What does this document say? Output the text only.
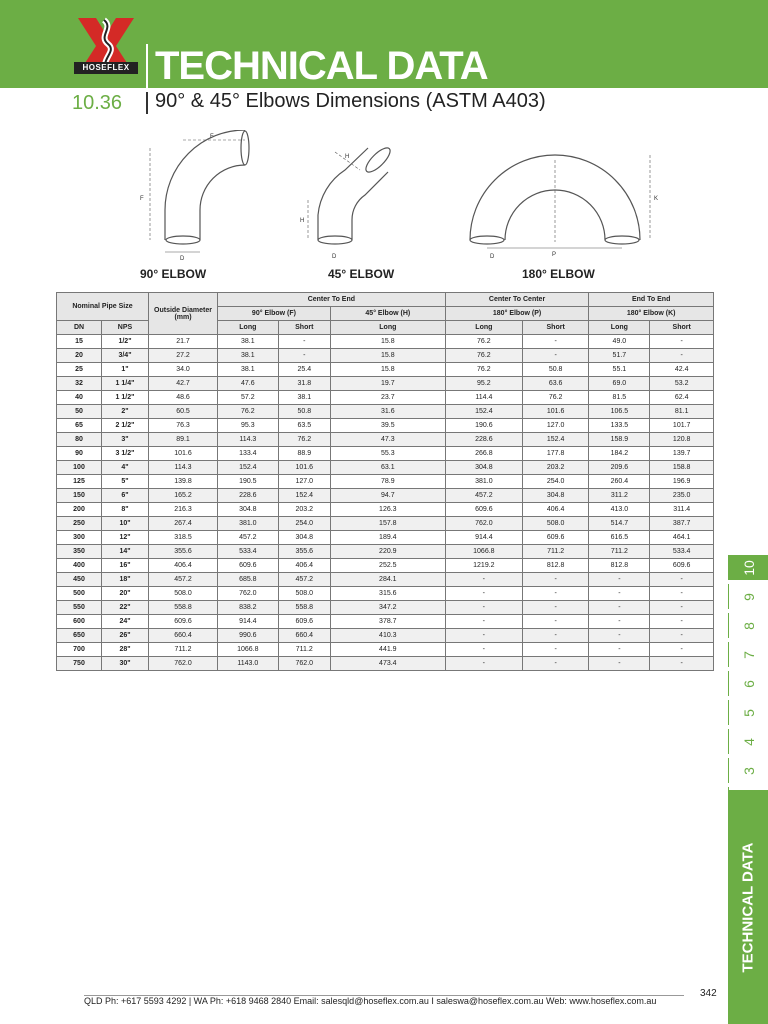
HOSEFLEX TECHNICAL DATA
10.36 90° & 45° Elbows Dimensions (ASTM A403)
F
F
D
H
H
D
K
P
D
90° ELBOW	45° ELBOW	180° ELBOW
Nominal Pipe Size		Outside Diameter (mm)	Center To End			Center To Center		End To End	
			90° Elbow (F)		45° Elbow (H)	180° Elbow (P)		180° Elbow (K)	
DN	NPS		Long	Short	Long	Long	Short	Long	Short
15	1/2"	21.7	38.1	-	15.8	76.2	-	49.0	-
20	3/4"	27.2	38.1	-	15.8	76.2	-	51.7	-
25	1"	34.0	38.1	25.4	15.8	76.2	50.8	55.1	42.4
32	1 1/4"	42.7	47.6	31.8	19.7	95.2	63.6	69.0	53.2
40	1 1/2"	48.6	57.2	38.1	23.7	114.4	76.2	81.5	62.4
50	2"	60.5	76.2	50.8	31.6	152.4	101.6	106.5	81.1
65	2 1/2"	76.3	95.3	63.5	39.5	190.6	127.0	133.5	101.7
80	3"	89.1	114.3	76.2	47.3	228.6	152.4	158.9	120.8
90	3 1/2"	101.6	133.4	88.9	55.3	266.8	177.8	184.2	139.7
100	4"	114.3	152.4	101.6	63.1	304.8	203.2	209.6	158.8
125	5"	139.8	190.5	127.0	78.9	381.0	254.0	260.4	196.9
150	6"	165.2	228.6	152.4	94.7	457.2	304.8	311.2	235.0
200	8"	216.3	304.8	203.2	126.3	609.6	406.4	413.0	311.4
250	10"	267.4	381.0	254.0	157.8	762.0	508.0	514.7	387.7
300	12"	318.5	457.2	304.8	189.4	914.4	609.6	616.5	464.1
350	14"	355.6	533.4	355.6	220.9	1066.8	711.2	711.2	533.4
400	16"	406.4	609.6	406.4	252.5	1219.2	812.8	812.8	609.6
450	18"	457.2	685.8	457.2	284.1	-	-	-	-
500	20"	508.0	762.0	508.0	315.6	-	-	-	-
550	22"	558.8	838.2	558.8	347.2	-	-	-	-
600	24"	609.6	914.4	609.6	378.7	-	-	-	-
650	26"	660.4	990.6	660.4	410.3	-	-	-	-
700	28"	711.2	1066.8	711.2	441.9	-	-	-	-
750	30"	762.0	1143.0	762.0	473.4	-	-	-	-
10
9
8
7
6
5
4
3
TECHNICAL DATA
QLD Ph: +617 5593 4292 | WA Ph: +618 9468 2840 Email: salesqld@hoseflex.com.au I saleswa@hoseflex.com.au Web: www.hoseflex.com.au
342
